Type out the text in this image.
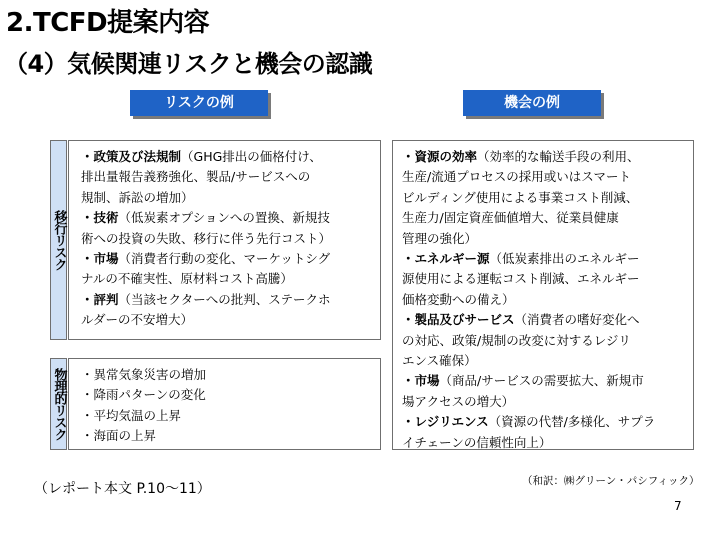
2.TCFD提案内容
（4）気候関連リスクと機会の認識
リスクの例	機会の例
移行リスク
物理的リスク
・政策及び法規制（GHG排出の価格付け、
排出量報告義務強化、製品/サービスへの
規制、訴訟の増加）
・技術（低炭素オプションへの置換、新規技
術への投資の失敗、移行に伴う先行コスト）
・市場（消費者行動の変化、マーケットシグ
ナルの不確実性、原材料コスト高騰）
・評判（当該セクターへの批判、ステークホ
ルダーの不安増大）
・異常気象災害の増加
・降雨パターンの変化
・平均気温の上昇
・海面の上昇
・資源の効率（効率的な輸送手段の利用、
生産/流通プロセスの採用或いはスマート
ビルディング使用による事業コスト削減、
生産力/固定資産価値増大、従業員健康
管理の強化）
・エネルギー源（低炭素排出のエネルギー
源使用による運転コスト削減、エネルギー
価格変動への備え）
・製品及びサービス（消費者の嗜好変化へ
の対応、政策/規制の改変に対するレジリ
エンス確保）
・市場（商品/サービスの需要拡大、新規市
場アクセスの増大）
・レジリエンス（資源の代替/多様化、サプラ
イチェーンの信頼性向上）
（レポート本文 P.10～11）	（和訳：㈱グリーン・パシフィック）
7
